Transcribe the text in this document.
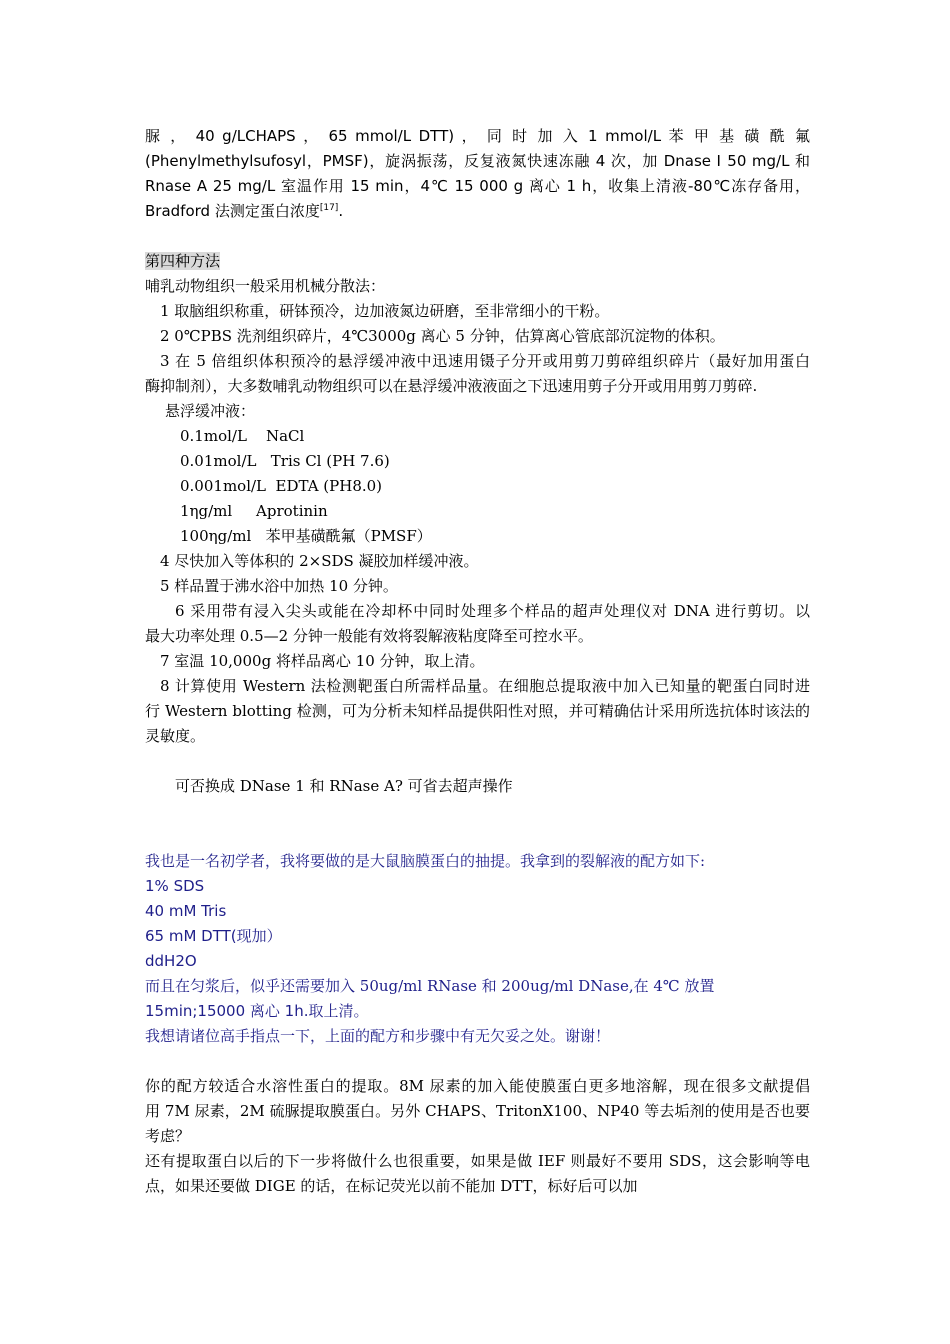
脲 ， 40 g/LCHAPS ， 65 mmol/L DTT) ， 同 时 加 入 1 mmol/L 苯 甲 基 磺 酰 氟
(Phenylmethylsufosyl，PMSF)，旋涡振荡，反复液氮快速冻融 4 次，加 Dnase Ⅰ 50 mg/L 和
Rnase A 25 mg/L 室温作用 15 min，4℃ 15 000 g 离心 1 h，收集上清液-80℃冻存备用，
Bradford 法测定蛋白浓度[17].
第四种方法
哺乳动物组织一般采用机械分散法：
1 取脑组织称重，研钵预冷，边加液氮边研磨，至非常细小的干粉。
2 0℃PBS 洗剂组织碎片，4℃3000g 离心 5 分钟，估算离心管底部沉淀物的体积。
3 在 5 倍组织体积预冷的悬浮缓冲液中迅速用镊子分开或用剪刀剪碎组织碎片（最好加用蛋白
酶抑制剂），大多数哺乳动物组织可以在悬浮缓冲液液面之下迅速用剪子分开或用用剪刀剪碎.
悬浮缓冲液：
0.1mol/L    NaCl
0.01mol/L   Tris Cl (PH 7.6)
0.001mol/L  EDTA (PH8.0)
1ηg/ml     Aprotinin
100ηg/ml   苯甲基磺酰氟（PMSF）
4 尽快加入等体积的 2×SDS 凝胶加样缓冲液。
5 样品置于沸水浴中加热 10 分钟。
6 采用带有浸入尖头或能在冷却杯中同时处理多个样品的超声处理仪对 DNA 进行剪切。以
最大功率处理 0.5—2 分钟一般能有效将裂解液粘度降至可控水平。
7 室温 10,000g 将样品离心 10 分钟，取上清。
8 计算使用 Western 法检测靶蛋白所需样品量。在细胞总提取液中加入已知量的靶蛋白同时进
行 Western blotting 检测，可为分析未知样品提供阳性对照，并可精确估计采用所选抗体时该法的
灵敏度。
可否换成 DNase 1 和 RNase A? 可省去超声操作
我也是一名初学者，我将要做的是大鼠脑膜蛋白的抽提。我拿到的裂解液的配方如下:
1% SDS
40 mM Tris
65 mM DTT(现加）
ddH2O
而且在匀浆后，似乎还需要加入 50ug/ml RNase 和 200ug/ml DNase,在 4℃ 放置
15min;15000 离心 1h.取上清。
我想请诸位高手指点一下，上面的配方和步骤中有无欠妥之处。谢谢！
你的配方较适合水溶性蛋白的提取。8M 尿素的加入能使膜蛋白更多地溶解，现在很多文献提倡
用 7M 尿素，2M 硫脲提取膜蛋白。另外 CHAPS、TritonX100、NP40 等去垢剂的使用是否也要
考虑？
还有提取蛋白以后的下一步将做什么也很重要，如果是做 IEF 则最好不要用 SDS，这会影响等电
点，如果还要做 DIGE 的话，在标记荧光以前不能加 DTT，标好后可以加
